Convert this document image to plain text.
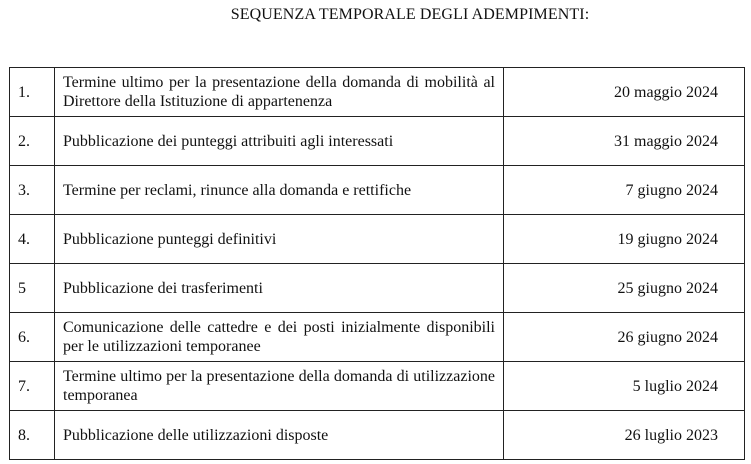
SEQUENZA TEMPORALE DEGLI ADEMPIMENTI:
1.	Termine ultimo per la presentazione della domanda di mobilità al Direttore della Istituzione di appartenenza	20 maggio 2024
2.	Pubblicazione dei punteggi attribuiti agli interessati	31 maggio 2024
3.	Termine per reclami, rinunce alla domanda e rettifiche	7 giugno 2024
4.	Pubblicazione punteggi definitivi	19 giugno 2024
5	Pubblicazione dei trasferimenti	25 giugno 2024
6.	Comunicazione delle cattedre e dei posti inizialmente disponibili per le utilizzazioni temporanee	26 giugno 2024
7.	Termine ultimo per la presentazione della domanda di utilizzazione temporanea	5 luglio 2024
8.	Pubblicazione delle utilizzazioni disposte	26 luglio 2023
